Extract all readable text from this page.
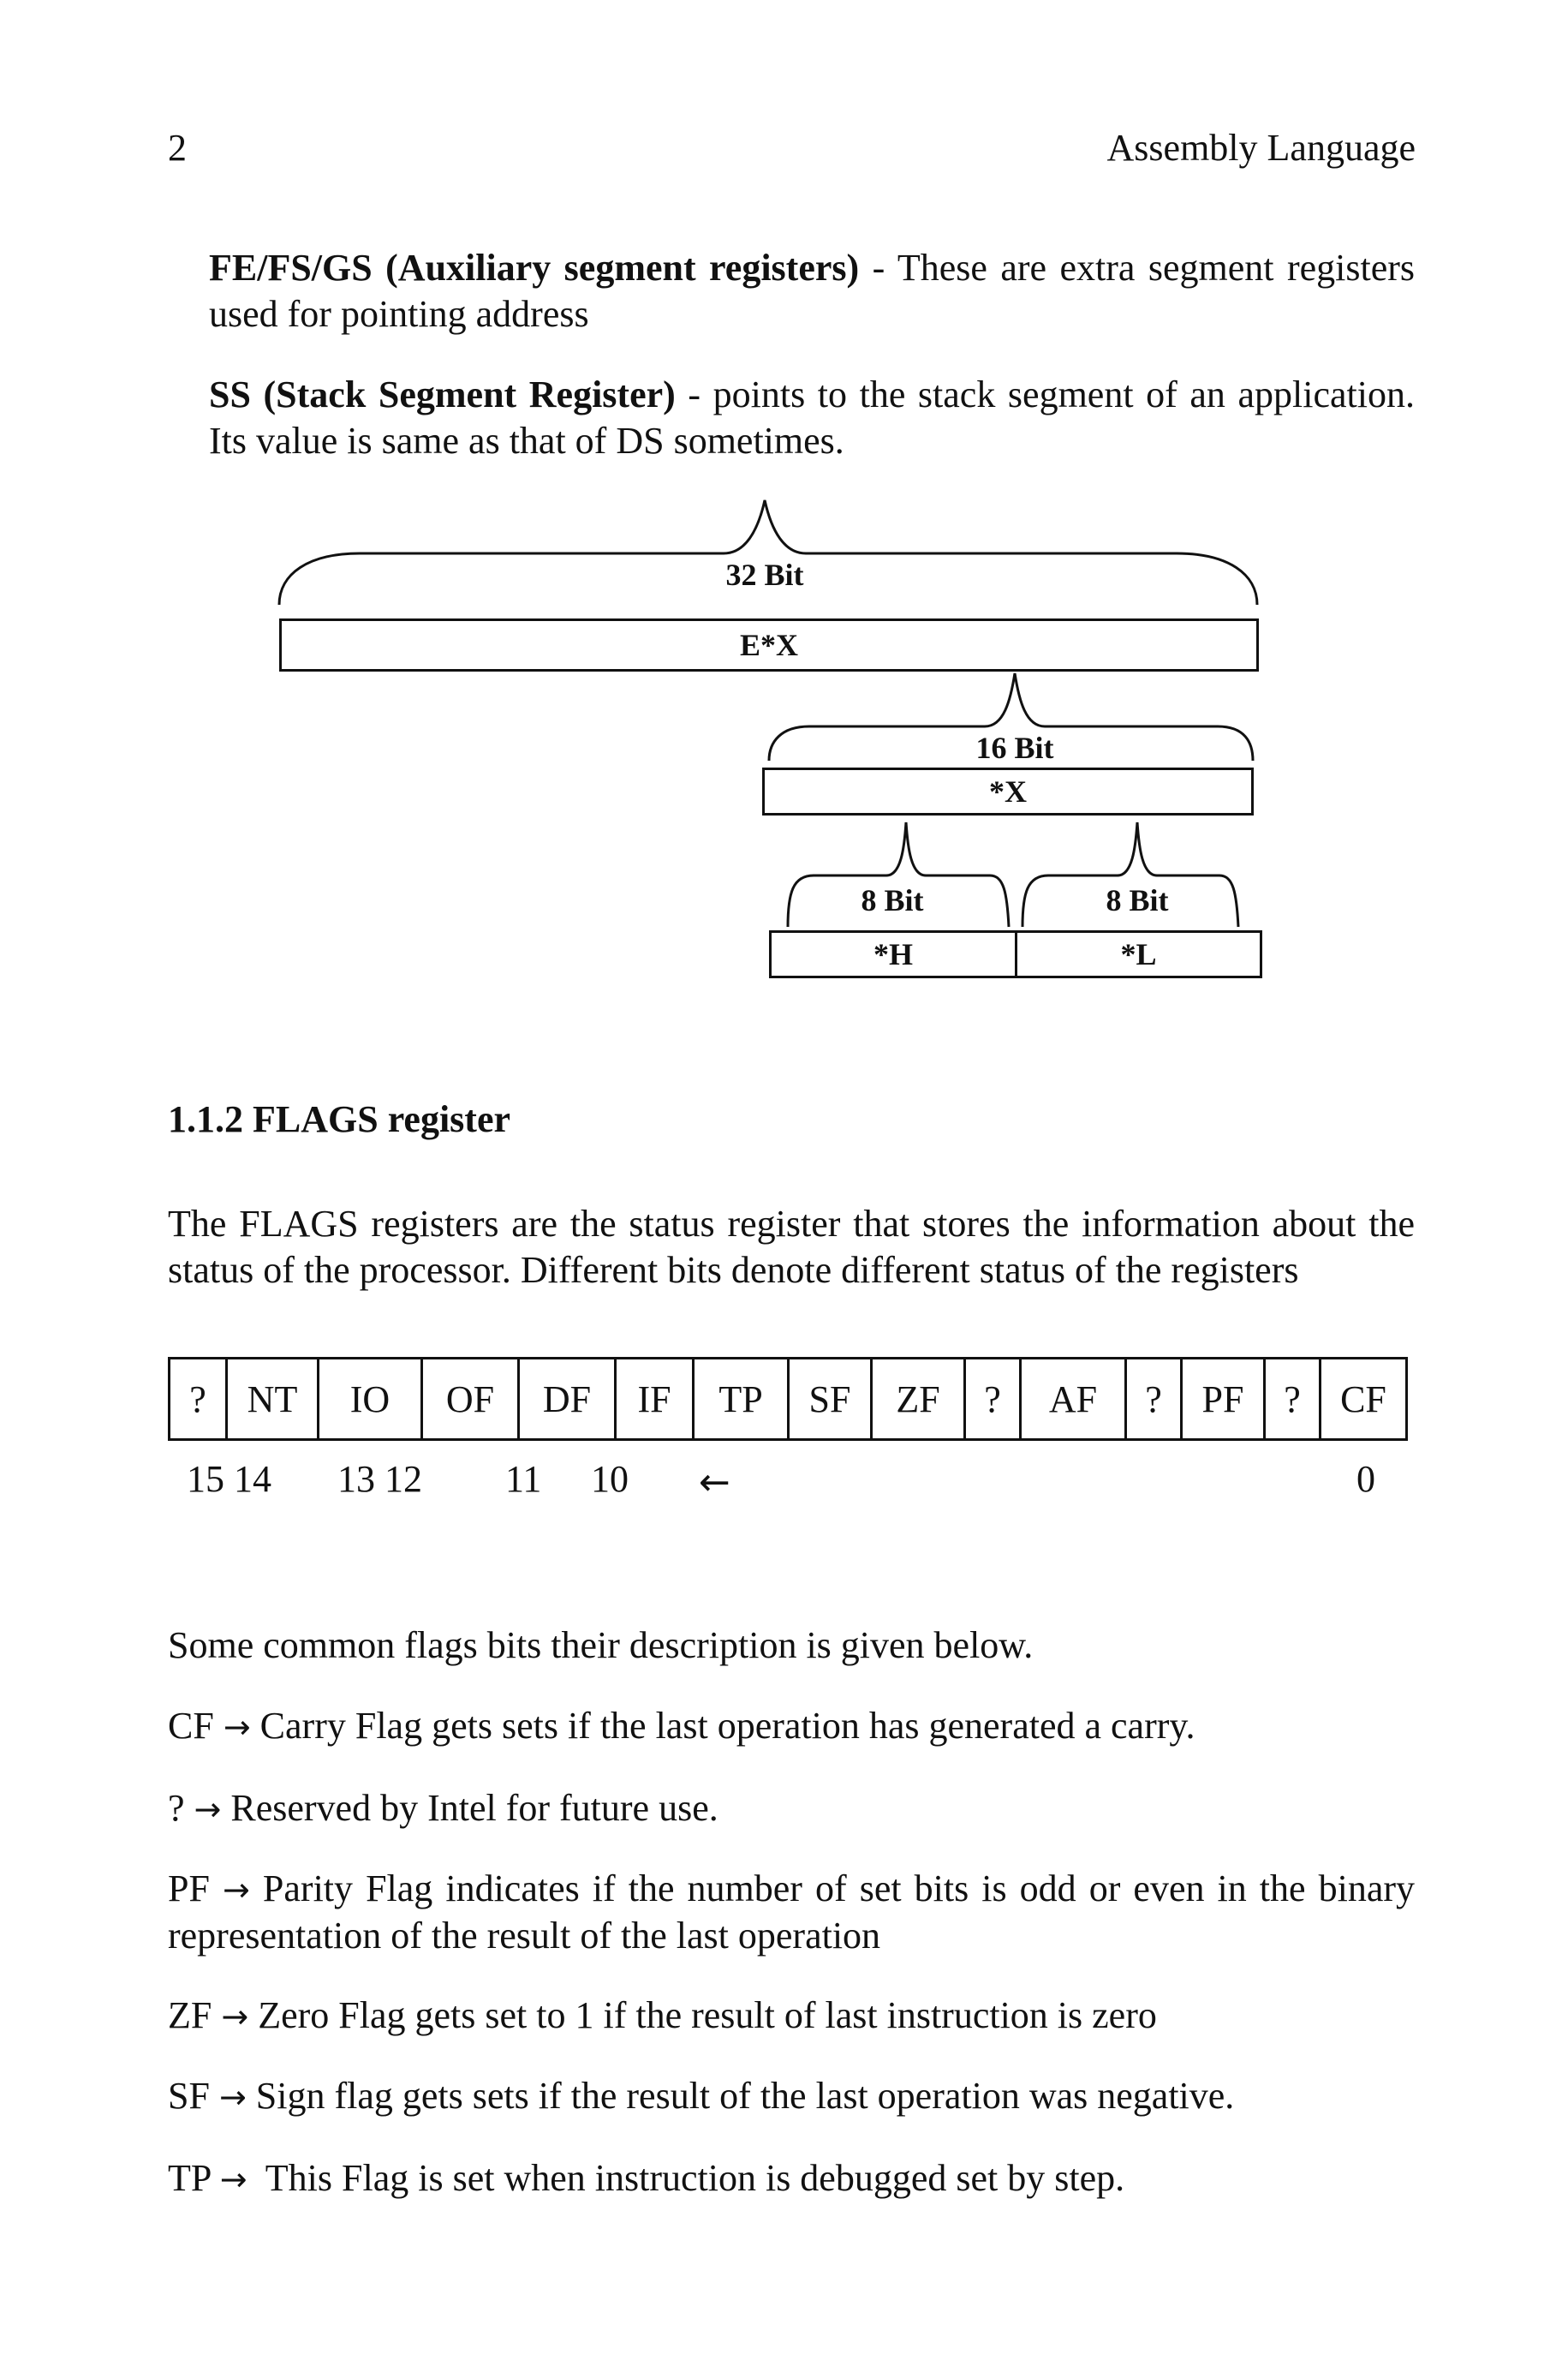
2	Assembly Language
FE/FS/GS (Auxiliary segment registers) - These are extra segment registers used for pointing address
SS (Stack Segment Register) - points to the stack segment of an application. Its value is same as that of DS sometimes.
32 Bit
E*X
16 Bit
*X
8 Bit	8 Bit
*H	*L
1.1.2 FLAGS register
The FLAGS registers are the status register that stores the information about the status of the processor. Different bits denote different status of the registers
?	NT	IO	OF	DF	IF	TP	SF	ZF	?	AF	?	PF	?	CF
15 14 13 12 11 10 ←	0
Some common flags bits their description is given below.
CF → Carry Flag gets sets if the last operation has generated a carry.
? → Reserved by Intel for future use.
PF → Parity Flag indicates if the number of set bits is odd or even in the binary representation of the result of the last operation
ZF → Zero Flag gets set to 1 if the result of last instruction is zero
SF → Sign flag gets sets if the result of the last operation was negative.
TP → This Flag is set when instruction is debugged set by step.
